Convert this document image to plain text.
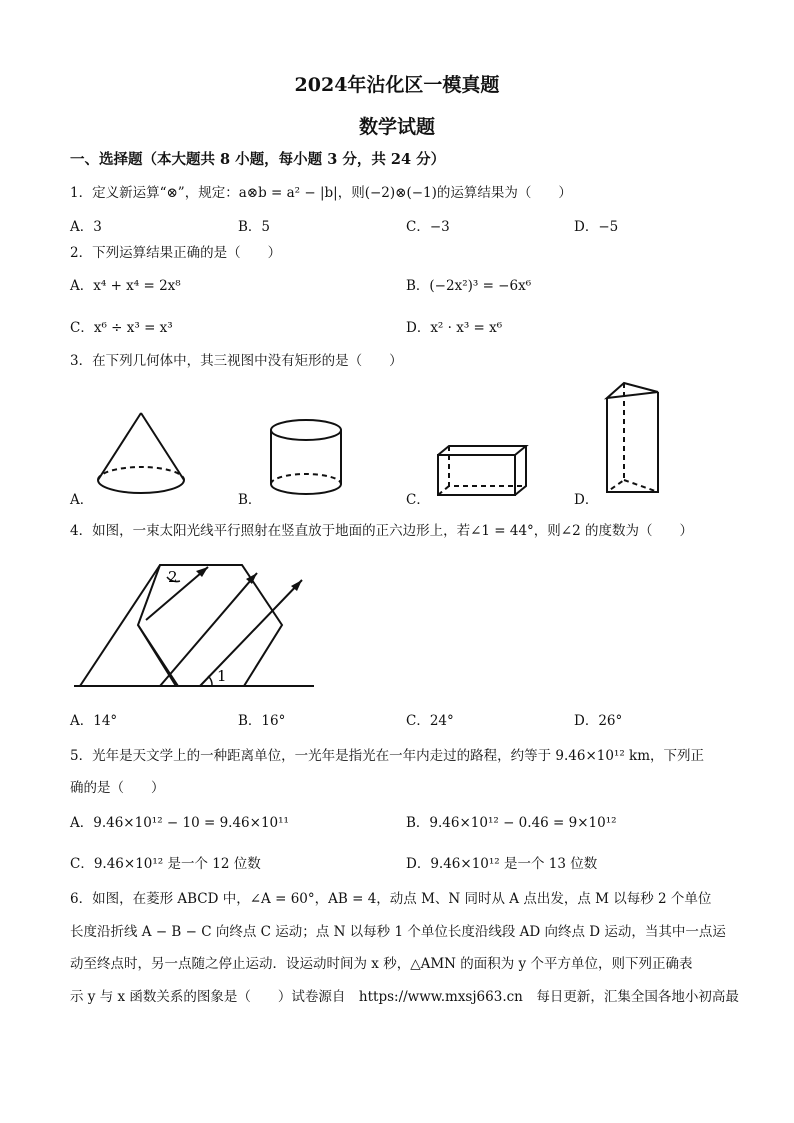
2024年沾化区一模真题
数学试题
一、选择题（本大题共 8 小题，每小题 3 分，共 24 分）
1．定义新运算“⊗”，规定：a⊗b = a² − |b|，则(−2)⊗(−1)的运算结果为（　　）
A．3	B．5	C．−3	D．−5
2．下列运算结果正确的是（　　）
A．x⁴ + x⁴ = 2x⁸	B．(−2x²)³ = −6x⁶
C．x⁶ ÷ x³ = x³	D．x² · x³ = x⁶
3．在下列几何体中，其三视图中没有矩形的是（　　）
A．	B．	C．	D．
4．如图，一束太阳光线平行照射在竖直放于地面的正六边形上，若∠1 = 44°，则∠2 的度数为（　　）
1
2
A．14°	B．16°	C．24°	D．26°
5．光年是天文学上的一种距离单位，一光年是指光在一年内走过的路程，约等于 9.46×10¹² km，下列正
确的是（　　）
A．9.46×10¹² − 10 = 9.46×10¹¹	B．9.46×10¹² − 0.46 = 9×10¹²
C．9.46×10¹² 是一个 12 位数	D．9.46×10¹² 是一个 13 位数
6．如图，在菱形 ABCD 中，∠A = 60°，AB = 4，动点 M、N 同时从 A 点出发，点 M 以每秒 2 个单位
长度沿折线 A − B − C 向终点 C 运动；点 N 以每秒 1 个单位长度沿线段 AD 向终点 D 运动，当其中一点运
动至终点时，另一点随之停止运动．设运动时间为 x 秒，△AMN 的面积为 y 个平方单位，则下列正确表
示 y 与 x 函数关系的图象是（　　）试卷源自　https://www.mxsj663.cn　每日更新，汇集全国各地小初高最
